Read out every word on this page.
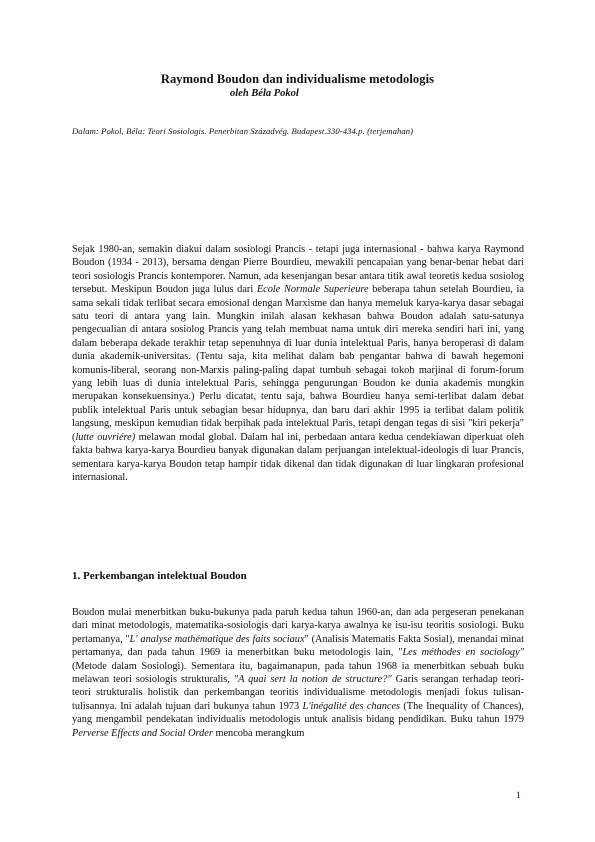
Raymond Boudon dan individualisme metodologis
oleh Béla Pokol
Dalam: Pokol, Béla: Teori Sosiologis. Penerbitan Századvég. Budapest.330-434.p. (terjemahan)

Sejak 1980-an, semakin diakui dalam sosiologi Prancis - tetapi juga internasional - bahwa karya Raymond Boudon (1934 - 2013), bersama dengan Pierre Bourdieu, mewakili pencapaian yang benar-benar hebat dari teori sosiologis Prancis kontemporer. Namun, ada kesenjangan besar antara titik awal teoretis kedua sosiolog tersebut. Meskipun Boudon juga lulus dari Ecole Normale Superieure beberapa tahun setelah Bourdieu, ia sama sekali tidak terlibat secara emosional dengan Marxisme dan hanya memeluk karya-karya dasar sebagai satu teori di antara yang lain. Mungkin inilah alasan kekhasan bahwa Boudon adalah satu-satunya pengecualian di antara sosiolog Prancis yang telah membuat nama untuk diri mereka sendiri hari ini, yang dalam beberapa dekade terakhir tetap sepenuhnya di luar dunia intelektual Paris, hanya beroperasi di dalam dunia akademik-universitas. (Tentu saja, kita melihat dalam bab pengantar bahwa di bawah hegemoni komunis-liberal, seorang non-Marxis paling-paling dapat tumbuh sebagai tokoh marjinal di forum-forum yang lebih luas di dunia intelektual Paris, sehingga pengurungan Boudon ke dunia akademis mungkin merupakan konsekuensinya.) Perlu dicatat, tentu saja, bahwa Bourdieu hanya semi-terlibat dalam debat publik intelektual Paris untuk sebagian besar hidupnya, dan baru dari akhir 1995 ia terlibat dalam politik langsung, meskipun kemudian tidak berpihak pada intelektual Paris, tetapi dengan tegas di sisi "kiri pekerja" (lutte ouvriére) melawan modal global. Dalam hal ini, perbedaan antara kedua cendekiawan diperkuat oleh fakta bahwa karya-karya Bourdieu banyak digunakan dalam perjuangan intelektual-ideologis di luar Prancis, sementara karya-karya Boudon tetap hampir tidak dikenal dan tidak digunakan di luar lingkaran profesional internasional.

1. Perkembangan intelektual Boudon

Boudon mulai menerbitkan buku-bukunya pada paruh kedua tahun 1960-an, dan ada pergeseran penekanan dari minat metodologis, matematika-sosiologis dari karya-karya awalnya ke isu-isu teoritis sosiologi. Buku pertamanya, "L' analyse mathématique des faits sociaux" (Analisis Matematis Fakta Sosial), menandai minat pertamanya, dan pada tahun 1969 ia menerbitkan buku metodologis lain, "Les méthodes en sociology" (Metode dalam Sosiologi). Sementara itu, bagaimanapun, pada tahun 1968 ia menerbitkan sebuah buku melawan teori sosiologis strukturalis, "A quai sert la notion de structure?" Garis serangan terhadap teori-teori strukturalis holistik dan perkembangan teoritis individualisme metodologis menjadi fokus tulisan-tulisannya. Ini adalah tujuan dari bukunya tahun 1973 L'inégalité des chances (The Inequality of Chances), yang mengambil pendekatan individualis metodologis untuk analisis bidang pendidikan. Buku tahun 1979 Perverse Effects and Social Order mencoba merangkum

1
